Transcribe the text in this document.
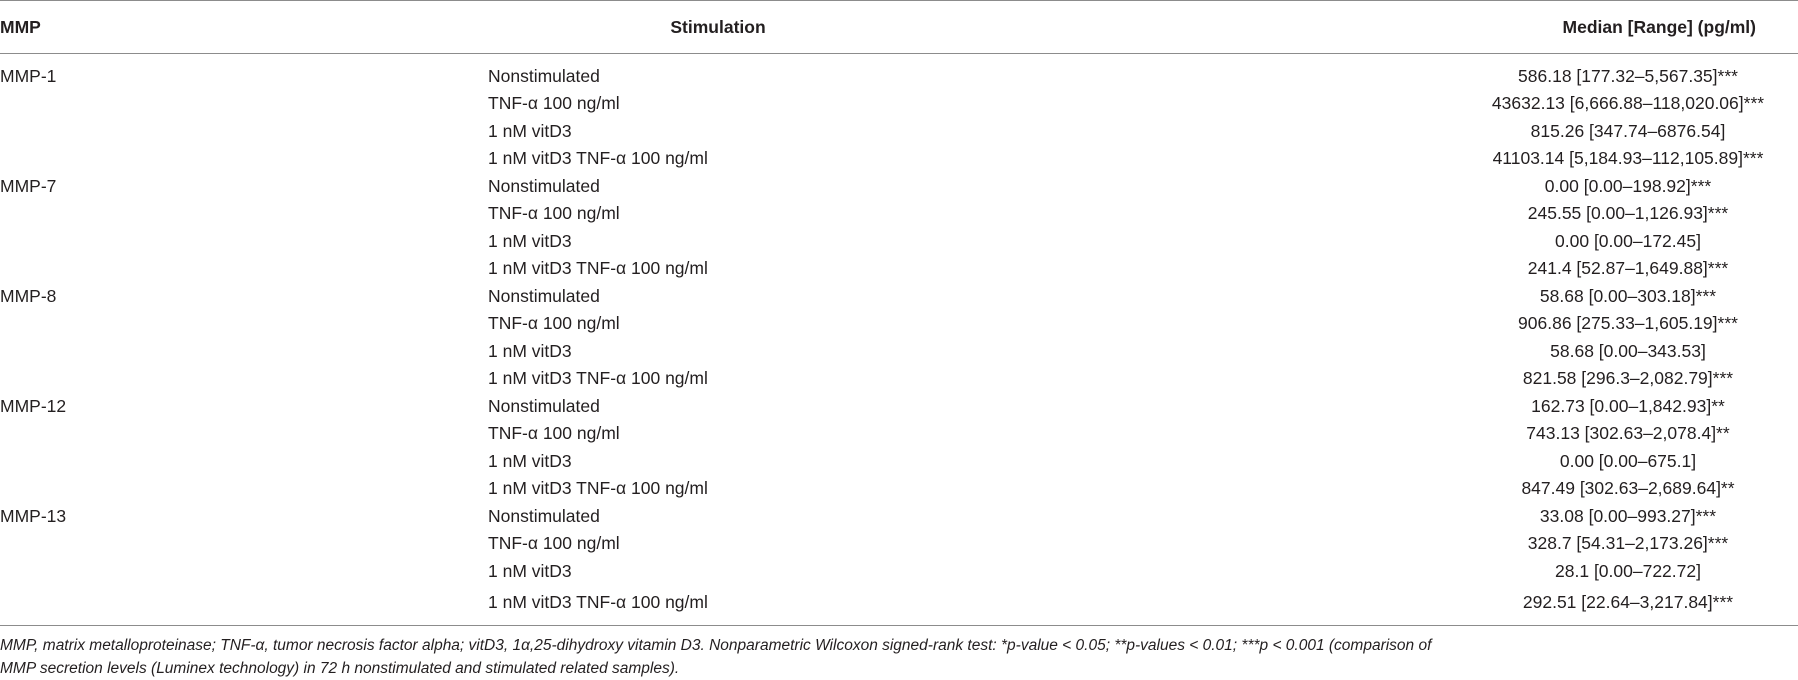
MMP	Stimulation	Median [Range] (pg/ml)
MMP-1	Nonstimulated	586.18 [177.32–5,567.35]***
	TNF-α 100 ng/ml	43632.13 [6,666.88–118,020.06]***
	1 nM vitD3	815.26 [347.74–6876.54]
	1 nM vitD3 TNF-α 100 ng/ml	41103.14 [5,184.93–112,105.89]***
MMP-7	Nonstimulated	0.00 [0.00–198.92]***
	TNF-α 100 ng/ml	245.55 [0.00–1,126.93]***
	1 nM vitD3	0.00 [0.00–172.45]
	1 nM vitD3 TNF-α 100 ng/ml	241.4 [52.87–1,649.88]***
MMP-8	Nonstimulated	58.68 [0.00–303.18]***
	TNF-α 100 ng/ml	906.86 [275.33–1,605.19]***
	1 nM vitD3	58.68 [0.00–343.53]
	1 nM vitD3 TNF-α 100 ng/ml	821.58 [296.3–2,082.79]***
MMP-12	Nonstimulated	162.73 [0.00–1,842.93]**
	TNF-α 100 ng/ml	743.13 [302.63–2,078.4]**
	1 nM vitD3	0.00 [0.00–675.1]
	1 nM vitD3 TNF-α 100 ng/ml	847.49 [302.63–2,689.64]**
MMP-13	Nonstimulated	33.08 [0.00–993.27]***
	TNF-α 100 ng/ml	328.7 [54.31–2,173.26]***
	1 nM vitD3	28.1 [0.00–722.72]
	1 nM vitD3 TNF-α 100 ng/ml	292.51 [22.64–3,217.84]***
MMP, matrix metalloproteinase; TNF-α, tumor necrosis factor alpha; vitD3, 1α,25-dihydroxy vitamin D3. Nonparametric Wilcoxon signed-rank test: *p-value < 0.05; **p-values < 0.01; ***p < 0.001 (comparison of MMP secretion levels (Luminex technology) in 72 h nonstimulated and stimulated related samples).
